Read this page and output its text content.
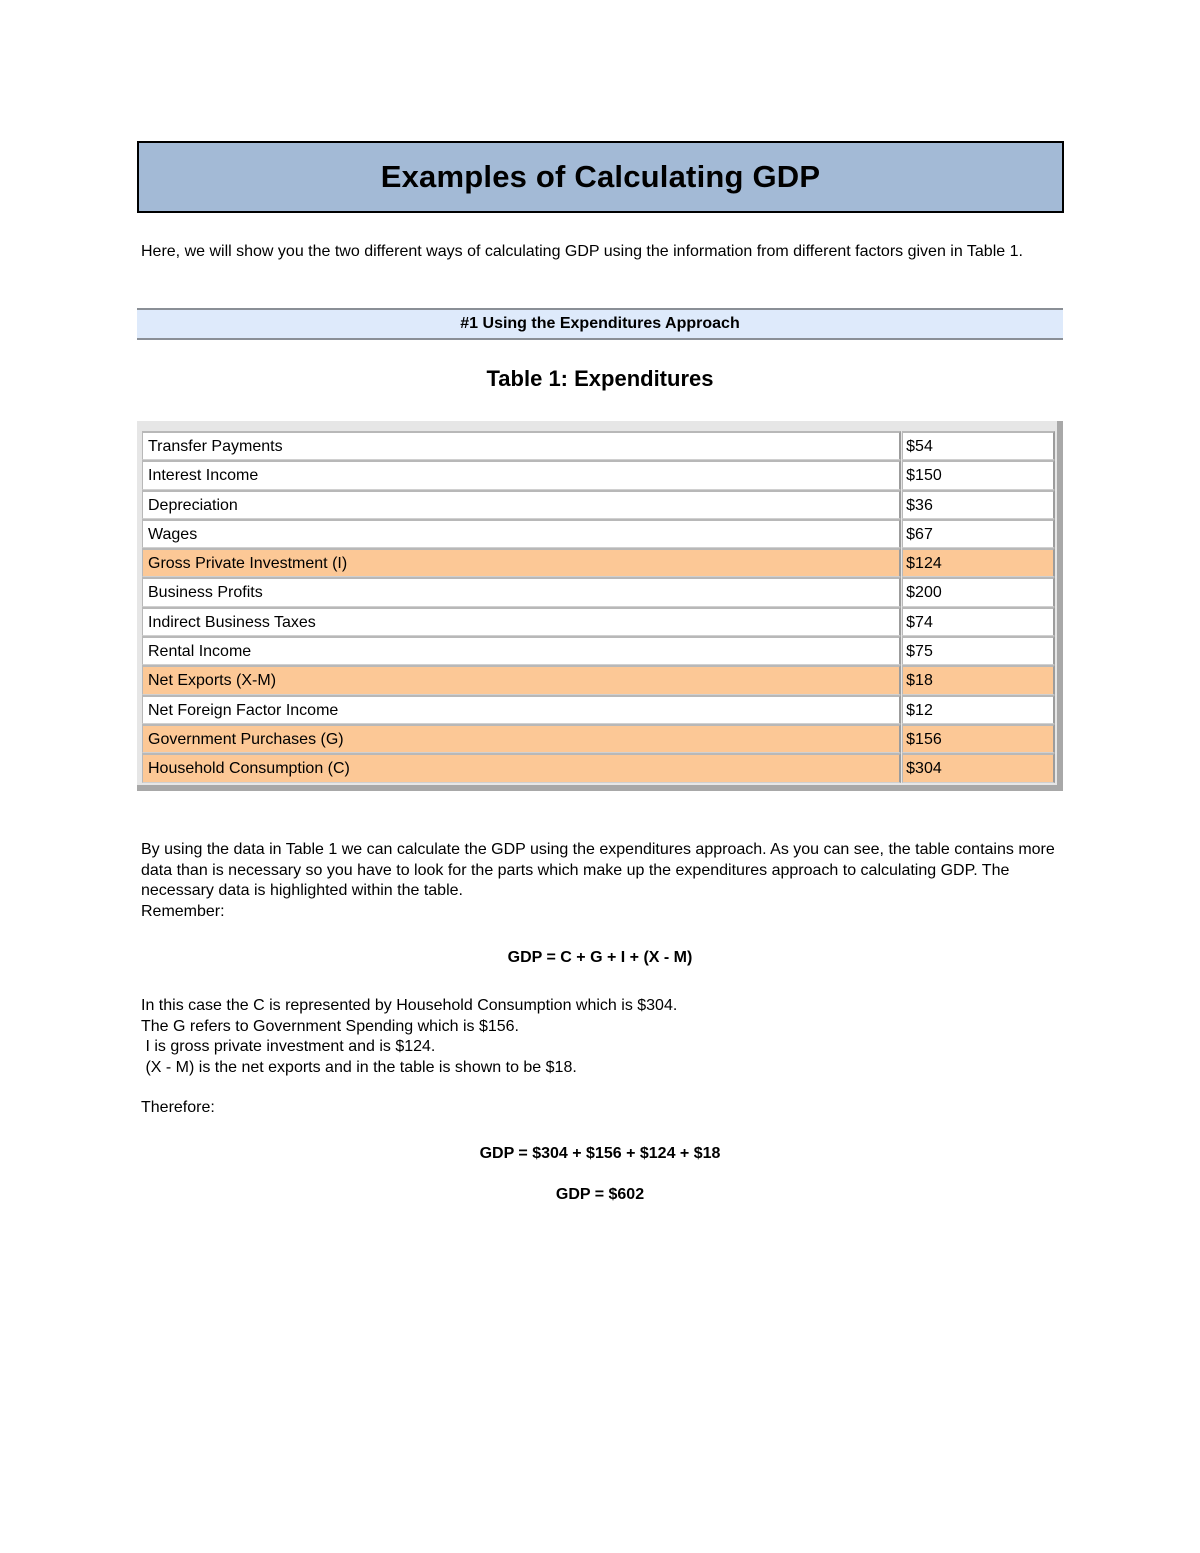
Examples of Calculating GDP

Here, we will show you the two different ways of calculating GDP using the information from different factors given in Table 1.

#1 Using the Expenditures Approach
Table 1: Expenditures
Transfer Payments	$54
Interest Income	$150
Depreciation	$36
Wages	$67
Gross Private Investment (I)	$124
Business Profits	$200
Indirect Business Taxes	$74
Rental Income	$75
Net Exports (X-M)	$18
Net Foreign Factor Income	$12
Government Purchases (G)	$156
Household Consumption (C)	$304
By using the data in Table 1 we can calculate the GDP using the expenditures approach. As you can see, the table contains more data than is necessary so you have to look for the parts which make up the expenditures approach to calculating GDP. The necessary data is highlighted within the table.
Remember:

GDP = C + G + I + (X - M)

In this case the C is represented by Household Consumption which is $304.
The G refers to Government Spending which is $156.
I is gross private investment and is $124.
(X - M) is the net exports and in the table is shown to be $18.
Therefore:

GDP = $304 + $156 + $124 + $18

GDP = $602
